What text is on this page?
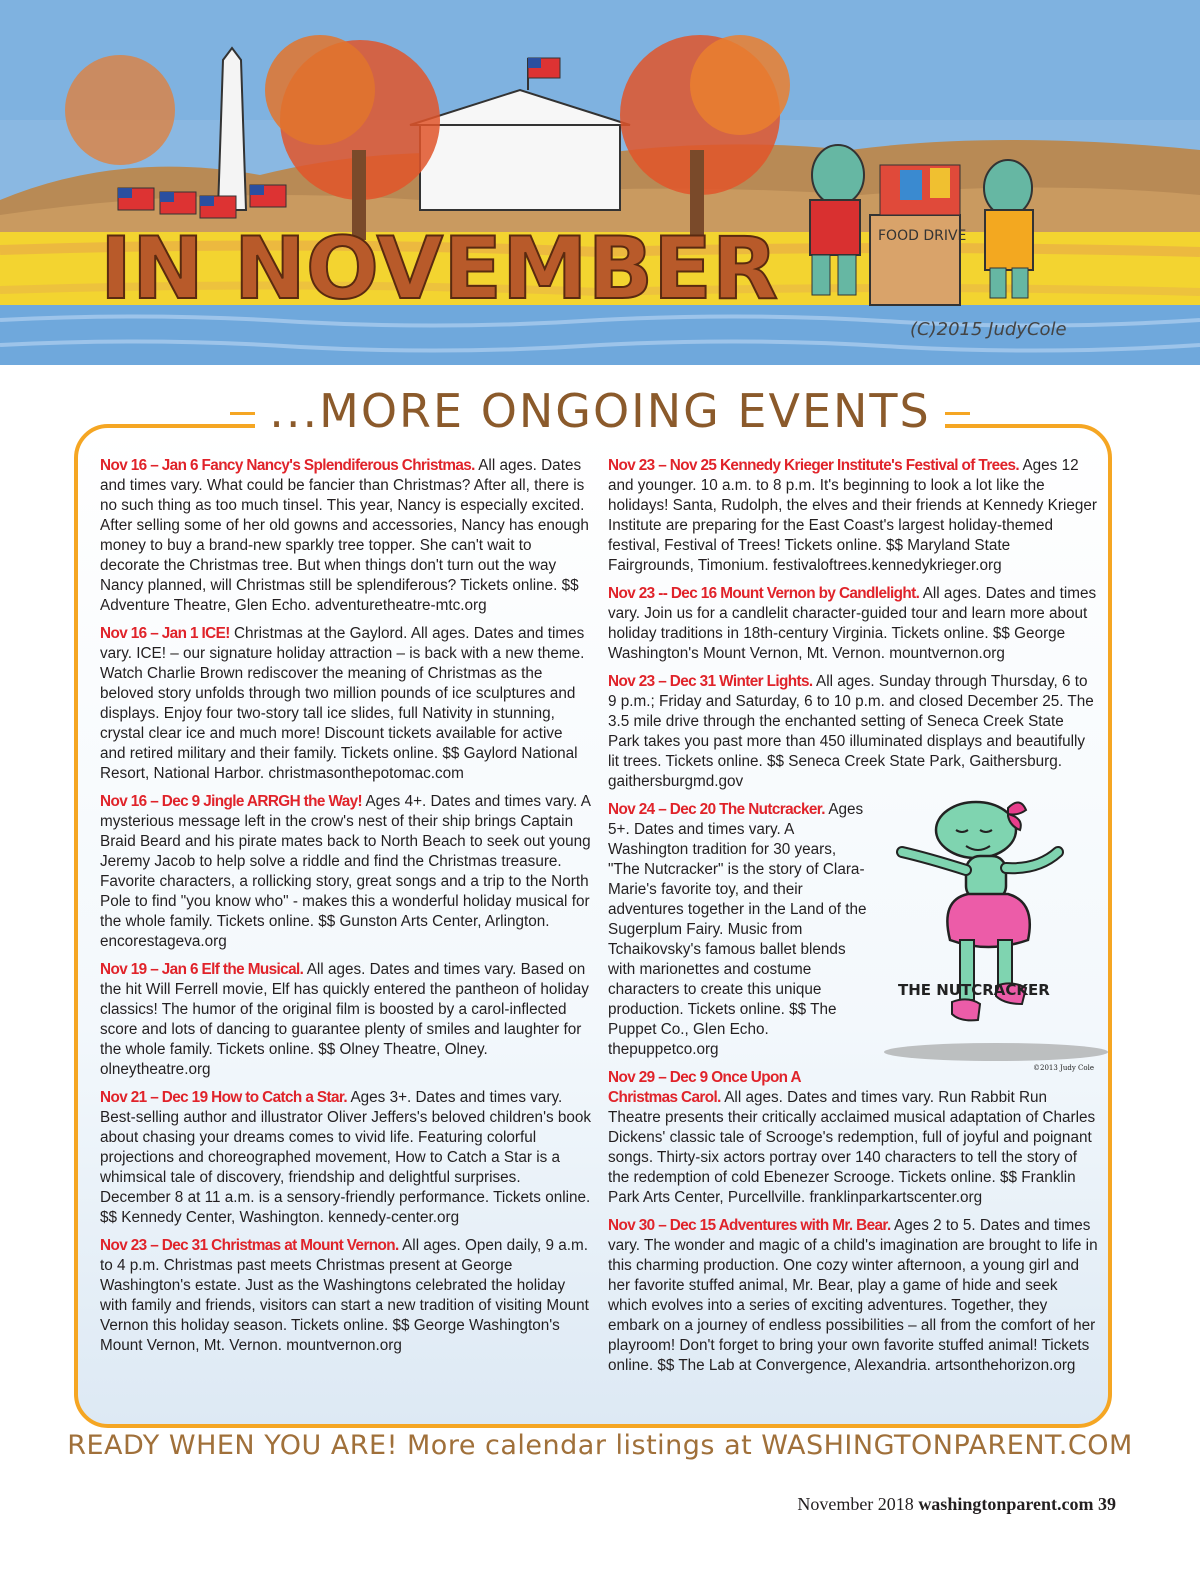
IN NOVEMBER	FOOD DRIVE
(C)2015 JudyCole
...MORE ONGOING EVENTS
Nov 16 – Jan 6 Fancy Nancy's Splendiferous Christmas. All ages. Dates and times vary. What could be fancier than Christmas? After all, there is no such thing as too much tinsel. This year, Nancy is especially excited. After selling some of her old gowns and accessories, Nancy has enough money to buy a brand-new sparkly tree topper. She can't wait to decorate the Christmas tree. But when things don't turn out the way Nancy planned, will Christmas still be splendiferous? Tickets online. $$ Adventure Theatre, Glen Echo. adventuretheatre-mtc.org
Nov 16 – Jan 1 ICE! Christmas at the Gaylord. All ages. Dates and times vary. ICE! – our signature holiday attraction – is back with a new theme. Watch Charlie Brown rediscover the meaning of Christmas as the beloved story unfolds through two million pounds of ice sculptures and displays. Enjoy four two-story tall ice slides, full Nativity in stunning, crystal clear ice and much more! Discount tickets available for active and retired military and their family. Tickets online. $$ Gaylord National Resort, National Harbor. christmasonthepotomac.com
Nov 16 – Dec 9 Jingle ARRGH the Way! Ages 4+. Dates and times vary. A mysterious message left in the crow's nest of their ship brings Captain Braid Beard and his pirate mates back to North Beach to seek out young Jeremy Jacob to help solve a riddle and find the Christmas treasure. Favorite characters, a rollicking story, great songs and a trip to the North Pole to find "you know who" - makes this a wonderful holiday musical for the whole family. Tickets online. $$ Gunston Arts Center, Arlington. encorestageva.org
Nov 19 – Jan 6 Elf the Musical. All ages. Dates and times vary. Based on the hit Will Ferrell movie, Elf has quickly entered the pantheon of holiday classics! The humor of the original film is boosted by a carol-inflected score and lots of dancing to guarantee plenty of smiles and laughter for the whole family. Tickets online. $$ Olney Theatre, Olney. olneytheatre.org
Nov 21 – Dec 19 How to Catch a Star. Ages 3+. Dates and times vary. Best-selling author and illustrator Oliver Jeffers's beloved children's book about chasing your dreams comes to vivid life. Featuring colorful projections and choreographed movement, How to Catch a Star is a whimsical tale of discovery, friendship and delightful surprises. December 8 at 11 a.m. is a sensory-friendly performance. Tickets online. $$ Kennedy Center, Washington. kennedy-center.org
Nov 23 – Dec 31 Christmas at Mount Vernon. All ages. Open daily, 9 a.m. to 4 p.m. Christmas past meets Christmas present at George Washington's estate. Just as the Washingtons celebrated the holiday with family and friends, visitors can start a new tradition of visiting Mount Vernon this holiday season. Tickets online. $$ George Washington's Mount Vernon, Mt. Vernon. mountvernon.org
Nov 23 – Nov 25 Kennedy Krieger Institute's Festival of Trees. Ages 12 and younger. 10 a.m. to 8 p.m. It's beginning to look a lot like the holidays! Santa, Rudolph, the elves and their friends at Kennedy Krieger Institute are preparing for the East Coast's largest holiday-themed festival, Festival of Trees! Tickets online. $$ Maryland State Fairgrounds, Timonium. festivaloftrees.kennedykrieger.org
Nov 23 -- Dec 16 Mount Vernon by Candlelight. All ages. Dates and times vary. Join us for a candlelit character-guided tour and learn more about holiday traditions in 18th-century Virginia. Tickets online. $$ George Washington's Mount Vernon, Mt. Vernon. mountvernon.org
Nov 23 – Dec 31 Winter Lights. All ages. Sunday through Thursday, 6 to 9 p.m.; Friday and Saturday, 6 to 10 p.m. and closed December 25. The 3.5 mile drive through the enchanted setting of Seneca Creek State Park takes you past more than 450 illuminated displays and beautifully lit trees. Tickets online. $$ Seneca Creek State Park, Gaithersburg. gaithersburgmd.gov
Nov 24 – Dec 20 The Nutcracker. Ages 5+. Dates and times vary. A Washington tradition for 30 years, "The Nutcracker" is the story of Clara-Marie's favorite toy, and their adventures together in the Land of the Sugerplum Fairy. Music from Tchaikovsky's famous ballet blends with marionettes and costume characters to create this unique production. Tickets online. $$ The Puppet Co., Glen Echo. thepuppetco.org
Nov 29 – Dec 9 Once Upon A Christmas Carol. All ages. Dates and times vary. Run Rabbit Run Theatre presents their critically acclaimed musical adaptation of Charles Dickens' classic tale of Scrooge's redemption, full of joyful and poignant songs. Thirty-six actors portray over 140 characters to tell the story of the redemption of cold Ebenezer Scrooge. Tickets online. $$ Franklin Park Arts Center, Purcellville. franklinparkartscenter.org
Nov 30 – Dec 15 Adventures with Mr. Bear. Ages 2 to 5. Dates and times vary. The wonder and magic of a child's imagination are brought to life in this charming production. One cozy winter afternoon, a young girl and her favorite stuffed animal, Mr. Bear, play a game of hide and seek which evolves into a series of exciting adventures. Together, they embark on a journey of endless possibilities – all from the comfort of her playroom! Don't forget to bring your own favorite stuffed animal! Tickets online. $$ The Lab at Convergence, Alexandria. artsonthehorizon.org
THE NUTCRACKER
©2013 Judy Cole
READY WHEN YOU ARE! More calendar listings at WASHINGTONPARENT.COM
November 2018 washingtonparent.com 39
